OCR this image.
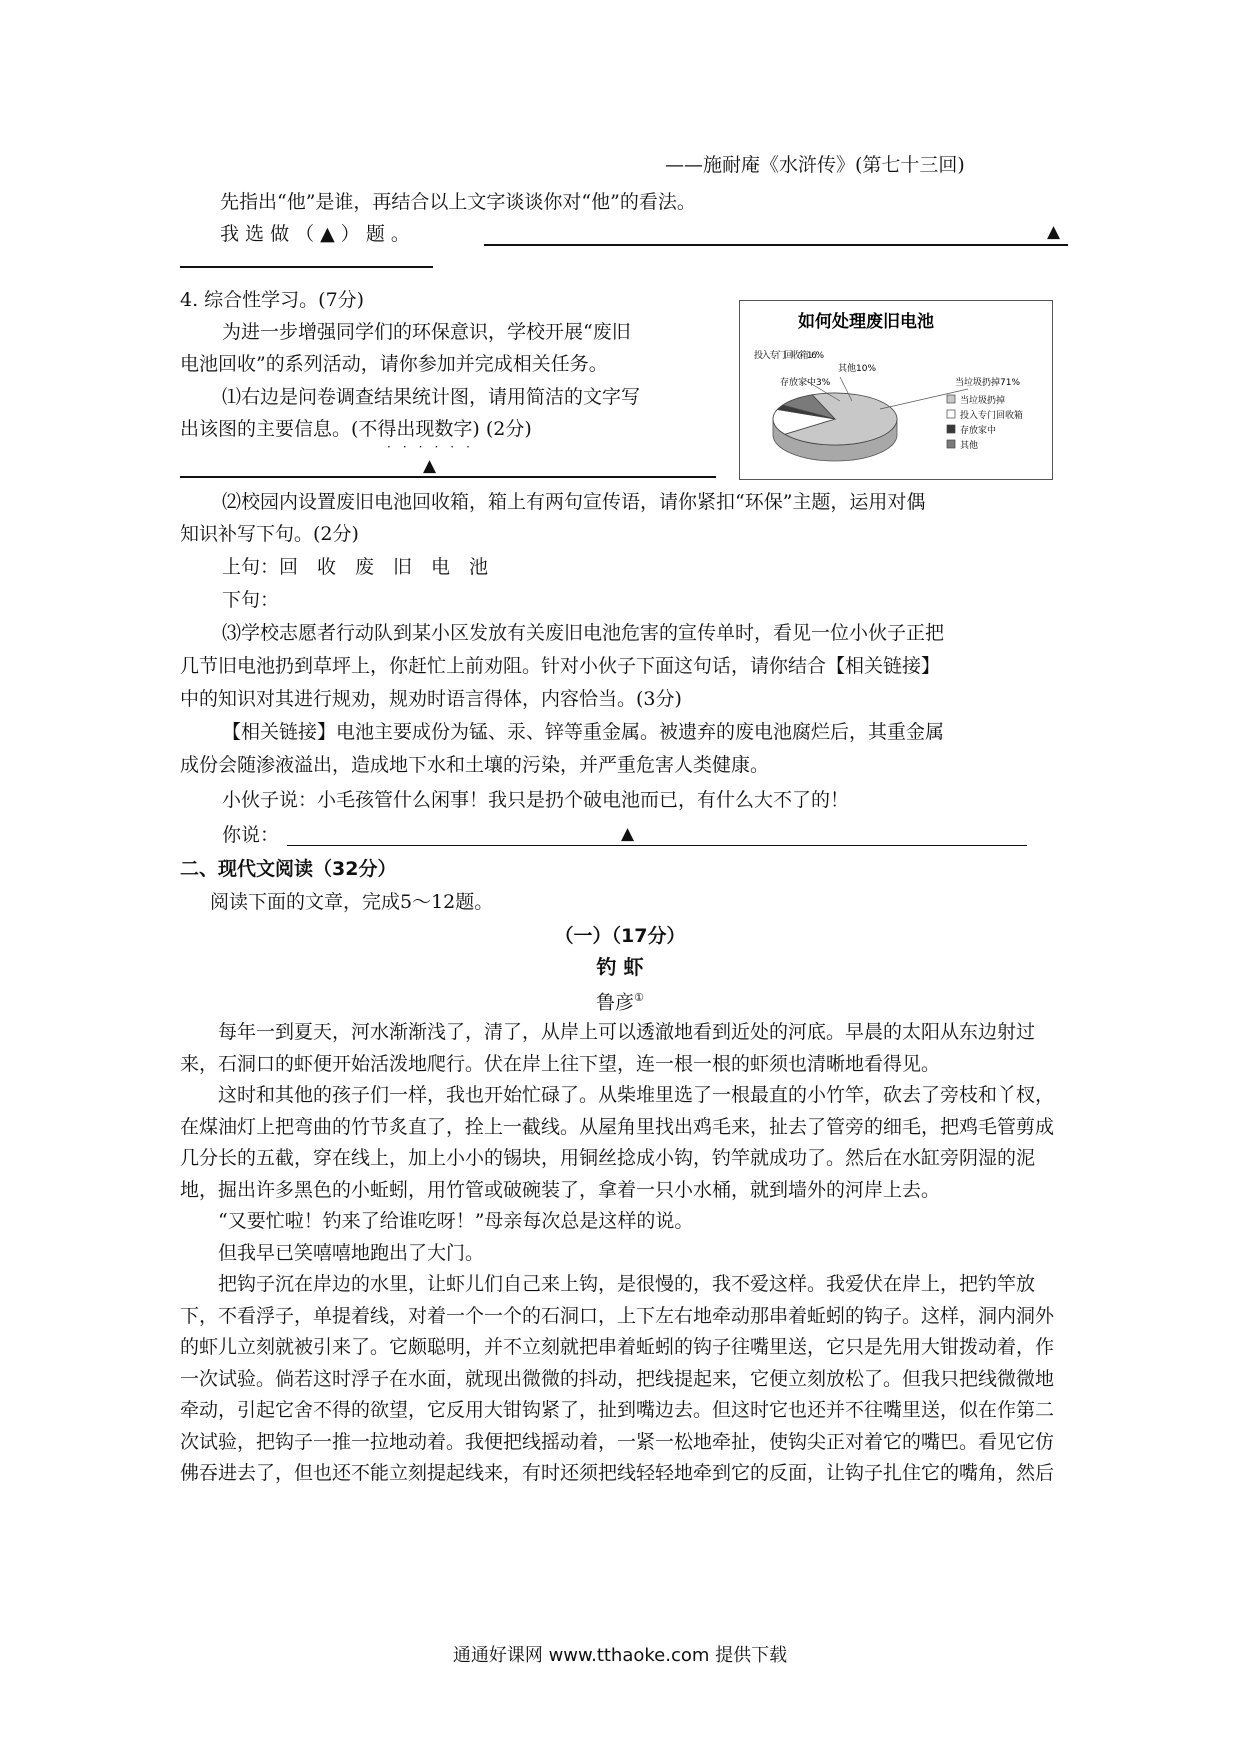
——施耐庵《水浒传》(第七十三回)
先指出“他”是谁，再结合以上文字谈谈你对“他”的看法。
我 选 做 （ ▲ ） 题 。	▲
4. 综合性学习。(7分)
为进一步增强同学们的环保意识，学校开展“废旧
电池回收”的系列活动，请你参加并完成相关任务。
⑴右边是问卷调查结果统计图，请用简洁的文字写
出该图的主要信息。(不得出现数字) (2分)
·　·　·　·　·　·
▲
如何处理废旧电池
当垃圾扔掉71%
投入专门回收箱16%
存放家中3%
其他10%
当垃圾扔掉
投入专门回收箱
存放家中
其他
⑵校园内设置废旧电池回收箱，箱上有两句宣传语，请你紧扣“环保”主题，运用对偶
知识补写下句。(2分)
上句：回　收　废　旧　电　池
下句：
⑶学校志愿者行动队到某小区发放有关废旧电池危害的宣传单时，看见一位小伙子正把
几节旧电池扔到草坪上，你赶忙上前劝阻。针对小伙子下面这句话，请你结合【相关链接】
中的知识对其进行规劝，规劝时语言得体，内容恰当。(3分)
【相关链接】电池主要成份为锰、汞、锌等重金属。被遗弃的废电池腐烂后，其重金属
成份会随渗液溢出，造成地下水和土壤的污染，并严重危害人类健康。
小伙子说：小毛孩管什么闲事！我只是扔个破电池而已，有什么大不了的！
你说：	▲
二、现代文阅读（32分）
阅读下面的文章，完成5～12题。
（一）（17分）
钓 虾
鲁彦①

每年一到夏天，河水渐渐浅了，清了，从岸上可以透澈地看到近处的河底。早晨的太阳从东边射过来，石洞口的虾便开始活泼地爬行。伏在岸上往下望，连一根一根的虾须也清晰地看得见。

这时和其他的孩子们一样，我也开始忙碌了。从柴堆里选了一根最直的小竹竿，砍去了旁枝和丫杈，在煤油灯上把弯曲的竹节炙直了，拴上一截线。从屋角里找出鸡毛来，扯去了管旁的细毛，把鸡毛管剪成几分长的五截，穿在线上，加上小小的锡块，用铜丝捻成小钩，钓竿就成功了。然后在水缸旁阴湿的泥地，掘出许多黑色的小蚯蚓，用竹管或破碗装了，拿着一只小水桶，就到墙外的河岸上去。

“又要忙啦！钓来了给谁吃呀！”母亲每次总是这样的说。

但我早已笑嘻嘻地跑出了大门。

把钩子沉在岸边的水里，让虾儿们自己来上钩，是很慢的，我不爱这样。我爱伏在岸上，把钓竿放下，不看浮子，单提着线，对着一个一个的石洞口，上下左右地牵动那串着蚯蚓的钩子。这样，洞内洞外的虾儿立刻就被引来了。它颇聪明，并不立刻就把串着蚯蚓的钩子往嘴里送，它只是先用大钳拨动着，作一次试验。倘若这时浮子在水面，就现出微微的抖动，把线提起来，它便立刻放松了。但我只把线微微地牵动，引起它舍不得的欲望，它反用大钳钩紧了，扯到嘴边去。但这时它也还并不往嘴里送，似在作第二次试验，把钩子一推一拉地动着。我便把线摇动着，一紧一松地牵扯，使钩尖正对着它的嘴巴。看见它仿佛吞进去了，但也还不能立刻提起线来，有时还须把线轻轻地牵到它的反面，让钩子扎住它的嘴角，然后

通通好课网 www.tthaoke.com 提供下载
